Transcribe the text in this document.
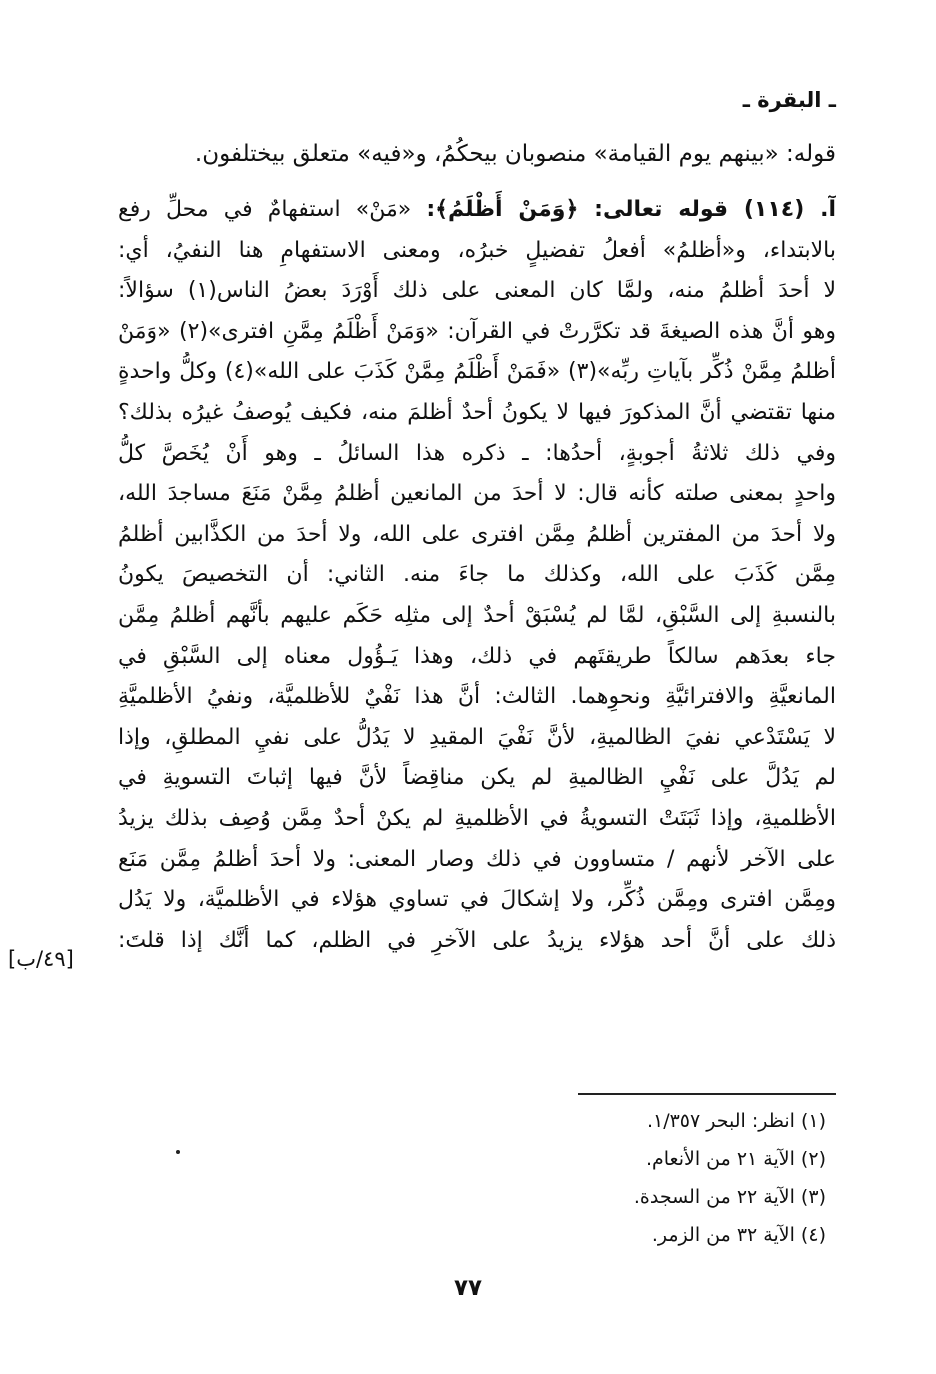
ـ البقرة ـ
قوله: «بينهم يوم القيامة» منصوبان بيحكُمُ، و«فيه» متعلق بيختلفون.
آ. (١١٤) قوله تعالى: ﴿وَمَنْ أَظْلَمُ﴾: «مَنْ» استفهامٌ في محلِّ رفع
بالابتداء، و«أظلمُ» أفعلُ تفضيلٍ خبرُه، ومعنى الاستفهامِ هنا النفيُ، أي:
لا أحدَ أظلمُ منه، ولمَّا كان المعنى على ذلك أَوْرَدَ بعضُ الناس(١) سؤالاً:
وهو أنَّ هذه الصيغةَ قد تكرَّرتْ في القرآن: «وَمَنْ أَظْلَمُ مِمَّنِ افترى»(٢) «وَمَنْ
أظلمُ مِمَّنْ ذُكِّر بآياتِ ربِّه»(٣) «فَمَنْ أَظْلَمُ مِمَّنْ كَذَبَ على الله»(٤) وكلُّ واحدةٍ
منها تقتضي أنَّ المذكورَ فيها لا يكونُ أحدٌ أظلمَ منه، فكيف يُوصفُ غيرُه بذلك؟
وفي ذلك ثلاثةُ أجوبةٍ، أحدُها: ـ ذكره هذا السائلُ ـ وهو أَنْ يُخَصَّ كلُّ
واحدٍ بمعنى صلته كأنه قال: لا أحدَ من المانعين أظلمُ مِمَّنْ مَنَعَ مساجدَ الله،
ولا أحدَ من المفترين أظلمُ مِمَّن افترى على الله، ولا أحدَ من الكذَّابين أظلمُ
مِمَّن كَذَبَ على الله، وكذلك ما جاءَ منه. الثاني: أن التخصيصَ يكونُ
بالنسبةِ إلى السَّبْقِ، لمَّا لم يُسْبَقْ أحدٌ إلى مثلِه حَكَم عليهم بأنَّهم أظلمُ مِمَّن
جاء بعدَهم سالكاً طريقتَهم في ذلك، وهذا يَـؤُول معناه إلى السَّبْقِ في
المانعيَّةِ والافترائيَّةِ ونحوِهما. الثالث: أنَّ هذا نَفْيٌ للأظلميَّة، ونفيُ الأظلميَّةِ
لا يَسْتَدْعي نفيَ الظالميةِ، لأنَّ نَفْيَ المقيدِ لا يَدُلُّ على نفيِ المطلقِ، وإذا
لم يَدُلَّ على نَفْيِ الظالميةِ لم يكن مناقِضاً لأنَّ فيها إثباتَ التسويةِ في
الأظلميةِ، وإذا ثَبَتَتْ التسويةُ في الأظلميةِ لم يكنْ أحدٌ مِمَّن وُصِف بذلك يزيدُ
على الآخر لأنهم / متساوون في ذلك وصار المعنى: ولا أحدَ أظلمُ مِمَّن مَنَع
ومِمَّن افترى ومِمَّن ذُكِّر، ولا إشكالَ في تساوي هؤلاء في الأظلميَّة، ولا يَدُل
ذلك على أنَّ أحد هؤلاء يزيدُ على الآخرِ في الظلم، كما أنَّك إذا قلتَ:
[٤٩/ب]
(١) انظر: البحر ١/٣٥٧.
(٢) الآية ٢١ من الأنعام.
(٣) الآية ٢٢ من السجدة.
(٤) الآية ٣٢ من الزمر.
٧٧
